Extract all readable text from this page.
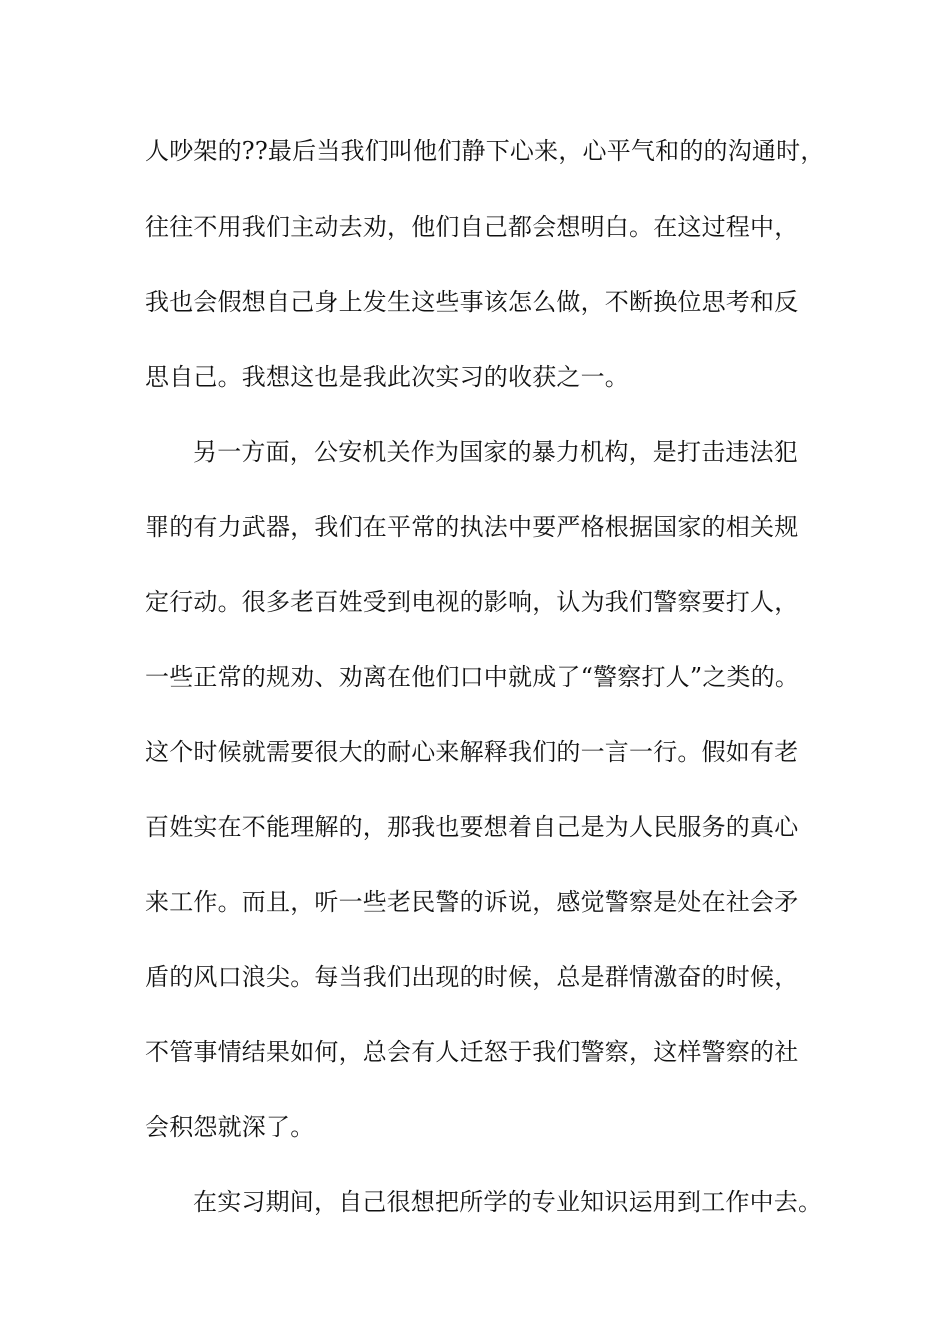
人吵架的??最后当我们叫他们静下心来，心平气和的的沟通时，
往往不用我们主动去劝，他们自己都会想明白。在这过程中，
我也会假想自己身上发生这些事该怎么做，不断换位思考和反
思自己。我想这也是我此次实习的收获之一。
另一方面，公安机关作为国家的暴力机构，是打击违法犯
罪的有力武器，我们在平常的执法中要严格根据国家的相关规
定行动。很多老百姓受到电视的影响，认为我们警察要打人，
一些正常的规劝、劝离在他们口中就成了“警察打人”之类的。
这个时候就需要很大的耐心来解释我们的一言一行。假如有老
百姓实在不能理解的，那我也要想着自己是为人民服务的真心
来工作。而且，听一些老民警的诉说，感觉警察是处在社会矛
盾的风口浪尖。每当我们出现的时候，总是群情激奋的时候，
不管事情结果如何，总会有人迁怒于我们警察，这样警察的社
会积怨就深了。
在实习期间，自己很想把所学的专业知识运用到工作中去。
